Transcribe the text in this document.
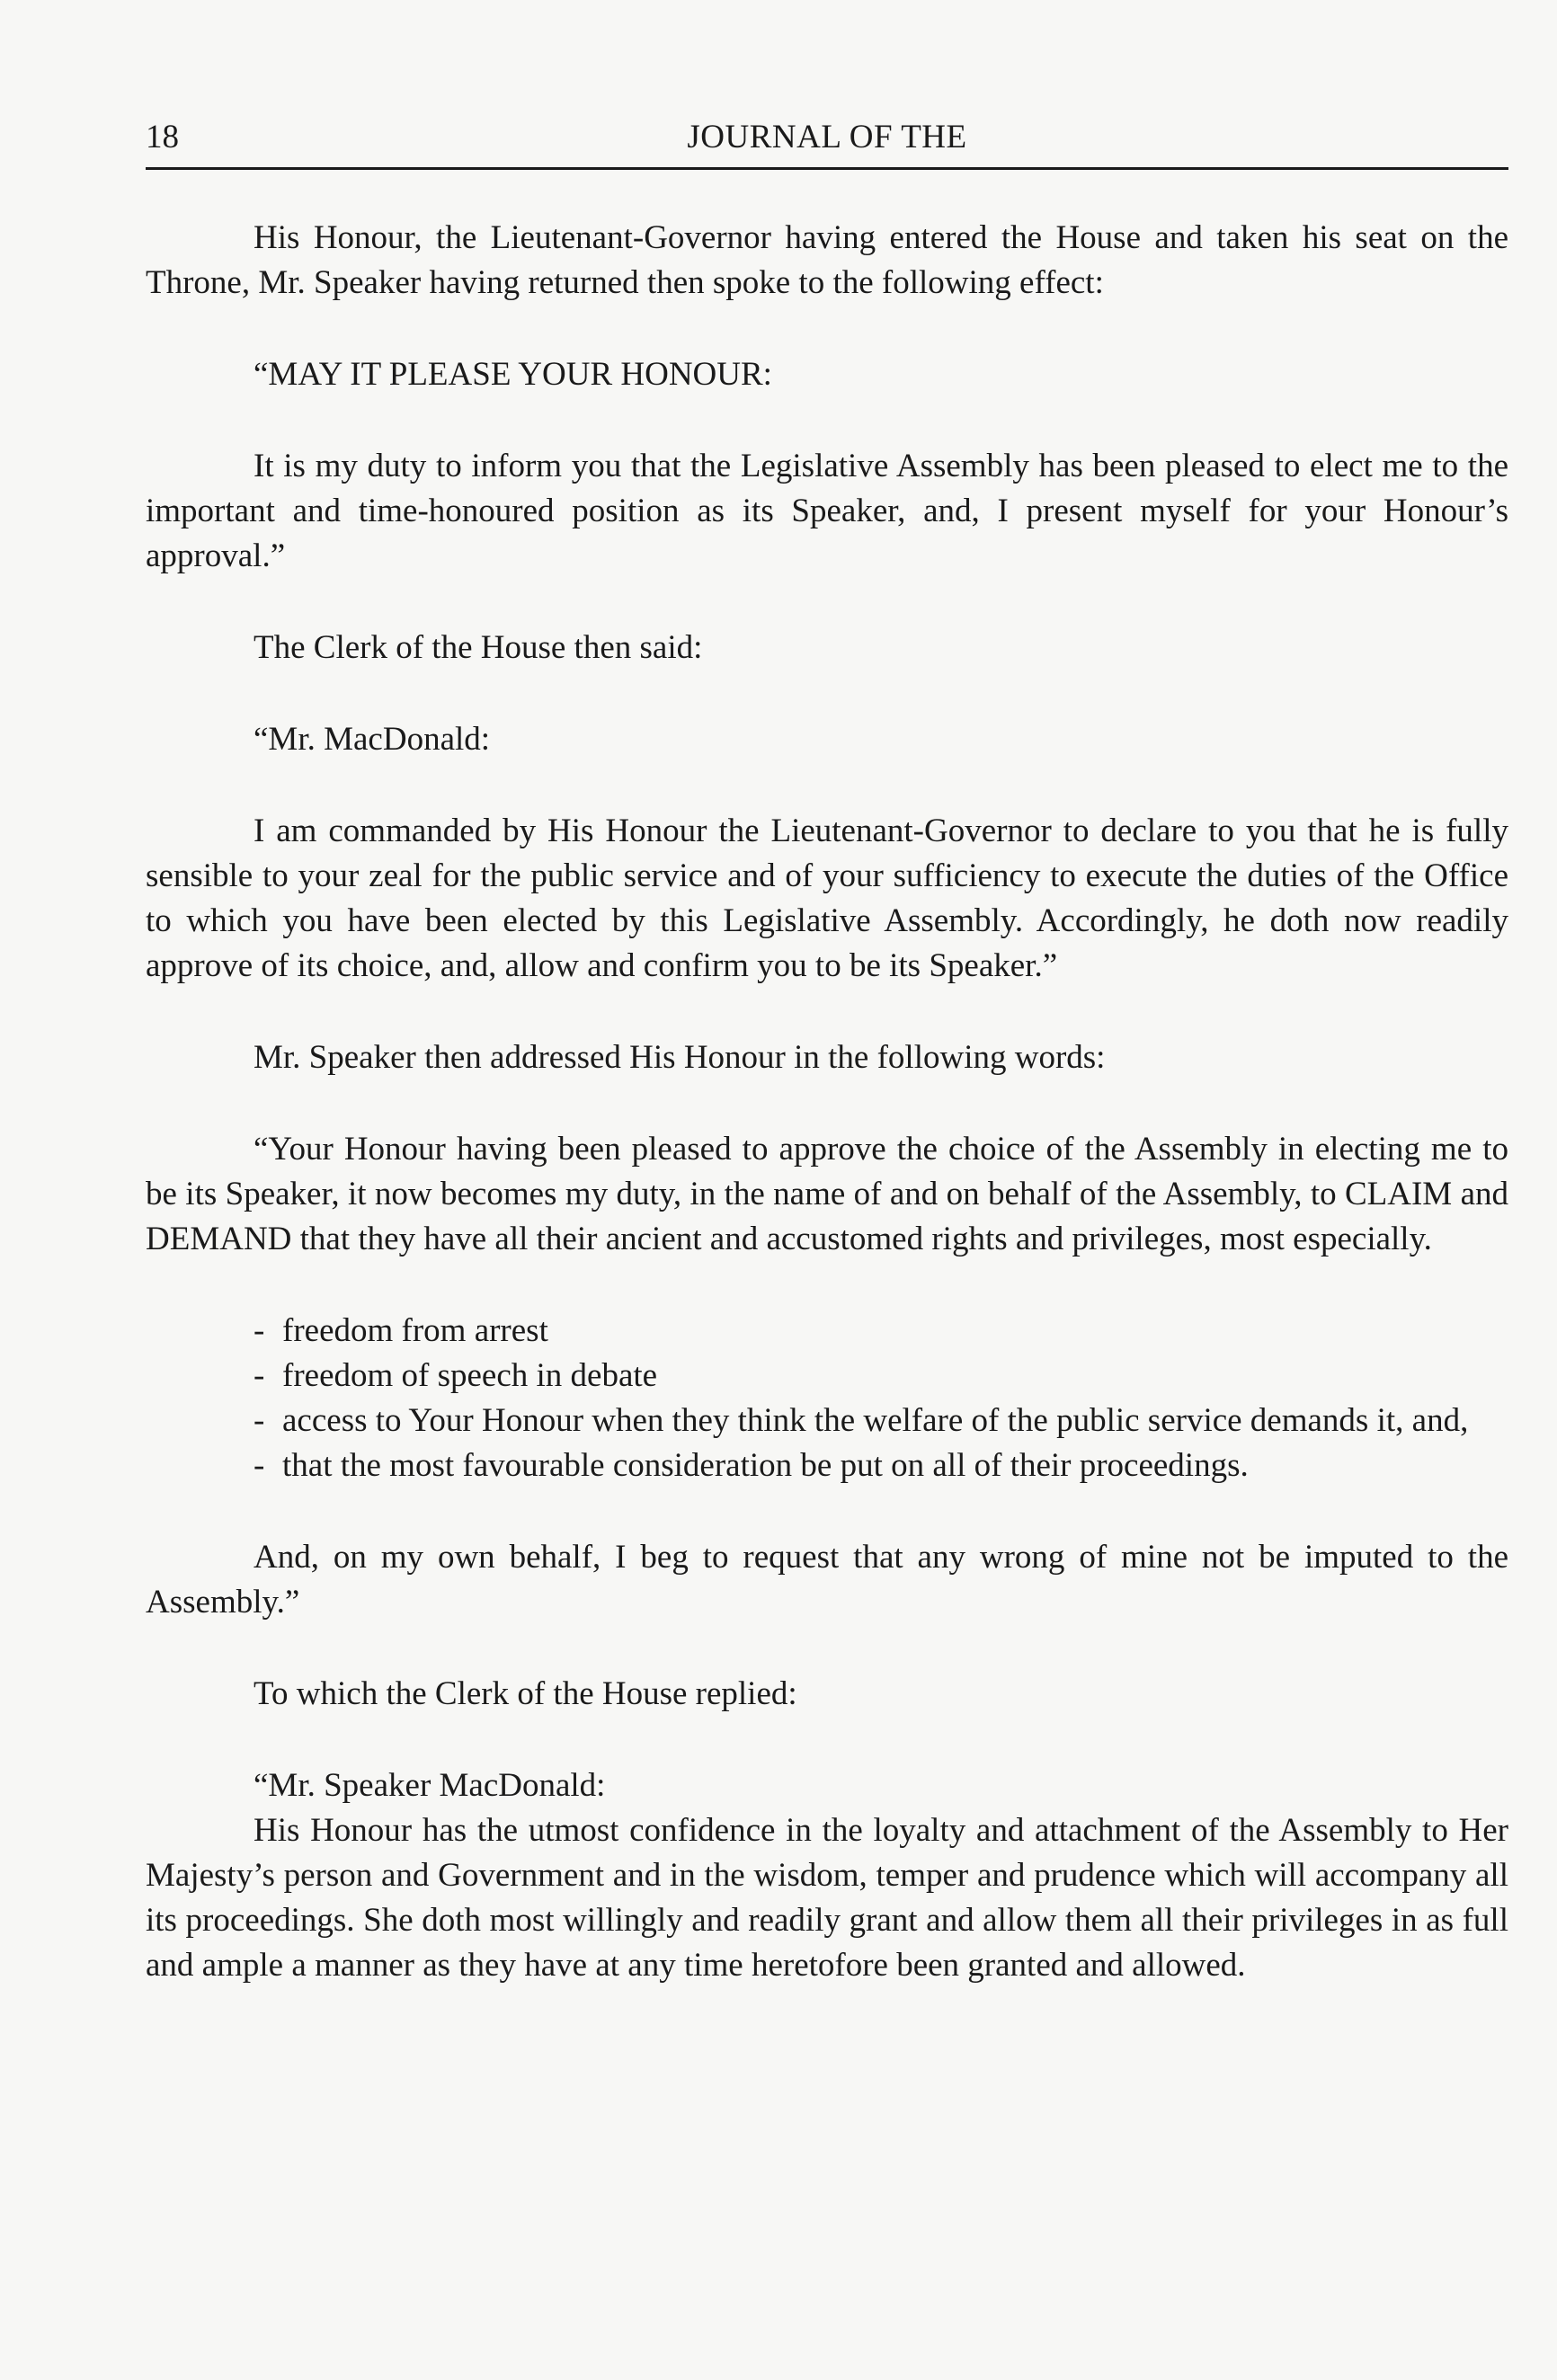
18	JOURNAL OF THE

His Honour, the Lieutenant-Governor having entered the House and taken his seat on the Throne, Mr. Speaker having returned then spoke to the following effect:

“MAY IT PLEASE YOUR HONOUR:

It is my duty to inform you that the Legislative Assembly has been pleased to elect me to the important and time-honoured position as its Speaker, and, I present myself for your Honour’s approval.”

The Clerk of the House then said:

“Mr. MacDonald:

I am commanded by His Honour the Lieutenant-Governor to declare to you that he is fully sensible to your zeal for the public service and of your sufficiency to execute the duties of the Office to which you have been elected by this Legislative Assembly. Accordingly, he doth now readily approve of its choice, and, allow and confirm you to be its Speaker.”

Mr. Speaker then addressed His Honour in the following words:

“Your Honour having been pleased to approve the choice of the Assembly in electing me to be its Speaker, it now becomes my duty, in the name of and on behalf of the Assembly, to CLAIM and DEMAND that they have all their ancient and accustomed rights and privileges, most especially.

- freedom from arrest
- freedom of speech in debate
- access to Your Honour when they think the welfare of the public service demands it, and,
- that the most favourable consideration be put on all of their proceedings.

And, on my own behalf, I beg to request that any wrong of mine not be imputed to the Assembly.”

To which the Clerk of the House replied:

“Mr. Speaker MacDonald:

His Honour has the utmost confidence in the loyalty and attachment of the Assembly to Her Majesty’s person and Government and in the wisdom, temper and prudence which will accompany all its proceedings. She doth most willingly and readily grant and allow them all their privileges in as full and ample a manner as they have at any time heretofore been granted and allowed.
